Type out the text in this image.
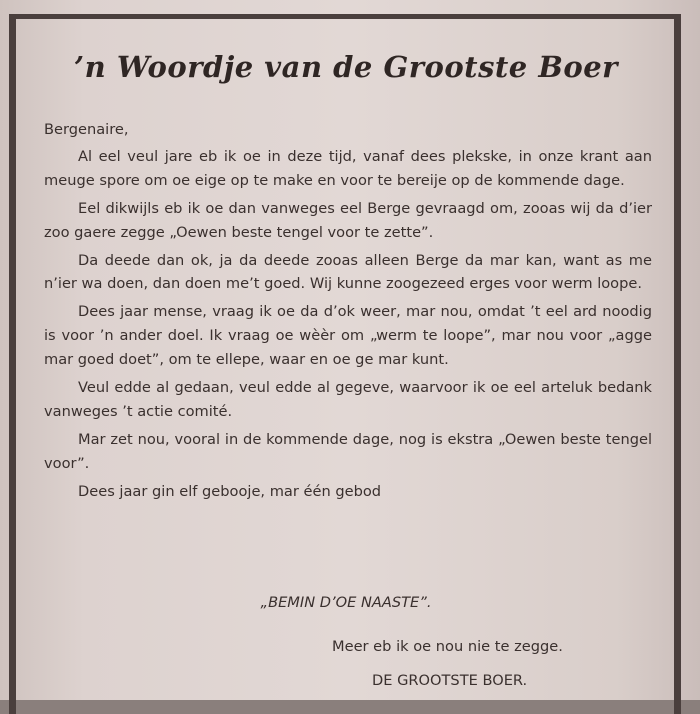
’n Woordje van de Grootste Boer

Bergenaire,

Al eel veul jare eb ik oe in deze tijd, vanaf dees plekske, in onze krant aan meuge spore om oe eige op te make en voor te bereije op de kommende dage.

Eel dikwijls eb ik oe dan vanweges eel Berge gevraagd om, zooas wij da d’ier zoo gaere zegge „Oewen beste tengel voor te zette”.

Da deede dan ok, ja da deede zooas alleen Berge da mar kan, want as me n’ier wa doen, dan doen me’t goed. Wij kunne zoogezeed erges voor werm loope.

Dees jaar mense, vraag ik oe da d’ok weer, mar nou, omdat ’t eel ard noodig is voor ’n ander doel. Ik vraag oe wèèr om „werm te loope”, mar nou voor „agge mar goed doet”, om te ellepe, waar en oe ge mar kunt.

Veul edde al gedaan, veul edde al gegeve, waarvoor ik oe eel arteluk bedank vanweges ’t actie comité.

Mar zet nou, vooral in de kommende dage, nog is ekstra „Oewen beste tengel voor”.

Dees jaar gin elf gebooje, mar één gebod

„BEMIN D’OE NAASTE”.

Meer eb ik oe nou nie te zegge.

DE GROOTSTE BOER.
